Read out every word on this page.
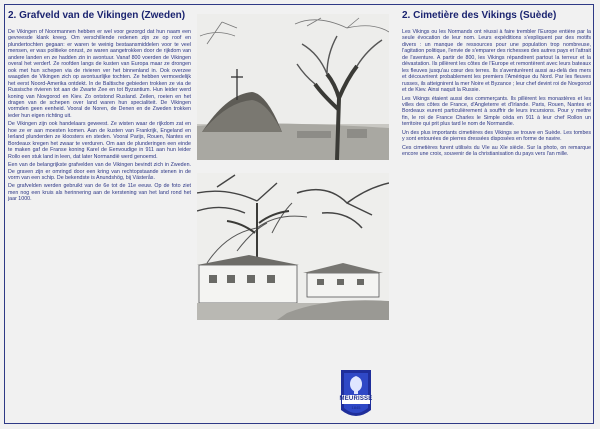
2. Grafveld van de Vikingen (Zweden)

De Vikingen of Noormannen hebben er wel voor gezorgd dat hun naam een gevreesde klank kreeg. Om verschillende redenen zijn ze op roof en plundertochten gegaan: er waren te weinig bestaansmiddelen voor te veel mensen, er was politieke onrust, ze waren aangetrokken door de rijkdom van andere landen en ze hadden zin in avontuur. Vanaf 800 voerden de Vikingen overal het verderf. Ze roofden langs de kusten van Europa maar ze drongen ook met hun schepen via de rivieren ver het binnenland in. Ook overzee waagden de Vikingen zich op avontuurlijke tochten. Ze hebben vermoedelijk het eerst Noord-Amerika ontdekt. In de Baltische gebieden trokken ze via de Russische rivieren tot aan de Zwarte Zee en tot Byzantium. Hun leider werd koning van Novgorod en Kiev. Zo ontstond Rusland. Zeilen, roeien en het dragen van de schepen over land waren hun specialiteit. De Vikingen vormden geen eenheid. Vooral de Noren, de Denen en de Zweden trokken ieder hun eigen richting uit.

De Vikingen zijn ook handelaars geweest. Ze wisten waar de rijkdom zat en hoe ze er aan moesten komen. Aan de kusten van Frankrijk, Engeland en Ierland plunderden ze kloosters en steden. Vooral Parijs, Rouen, Nantes en Bordeaux kregen het zwaar te verduren. Om aan de plunderingen een einde te maken gaf de Franse koning Karel de Eenvoudige in 911 aan hun leider Rollo een stuk land in leen, dat later Normandië werd genoemd.

Een van de belangrijkste grafvelden van de Vikingen bevindt zich in Zweden. De graven zijn er omringd door een kring van rechtopstaande stenen in de vorm van een schip. De bekendste is Anundshög, bij Västerås.

De grafvelden werden gebruikt van de 6e tot de 11e eeuw. Op de foto ziet men nog een kruis als herinnering aan de kerstening van het land rond het jaar 1000.

2. Cimetière des Vikings (Suède)

Les Vikings ou les Normands ont réussi à faire trembler l'Europe entière par la seule évocation de leur nom. Leurs expéditions s'expliquent par des motifs divers : un manque de ressources pour une population trop nombreuse, l'agitation politique, l'envie de s'emparer des richesses des autres pays et l'attrait de l'aventure. A partir de 800, les Vikings répandirent partout la terreur et la dévastation. Ils pillèrent les côtes de l'Europe et remontèrent avec leurs bateaux les fleuves jusqu'au cœur des terres. Ils s'aventurèrent aussi au-delà des mers et découvrirent probablement les premiers l'Amérique du Nord. Par les fleuves russes, ils atteignirent la mer Noire et Byzance ; leur chef devint roi de Novgorod et de Kiev. Ainsi naquit la Russie.

Les Vikings étaient aussi des commerçants. Ils pillèrent les monastères et les villes des côtes de France, d'Angleterre et d'Irlande. Paris, Rouen, Nantes et Bordeaux eurent particulièrement à souffrir de leurs incursions. Pour y mettre fin, le roi de France Charles le Simple céda en 911 à leur chef Rollon un territoire qui prit plus tard le nom de Normandie.

Un des plus importants cimetières des Vikings se trouve en Suède. Les tombes y sont entourées de pierres dressées disposées en forme de navire.

Ces cimetières furent utilisés du VIe au XIe siècle. Sur la photo, on remarque encore une croix, souvenir de la christianisation du pays vers l'an mille.

MEURISSE
1845
